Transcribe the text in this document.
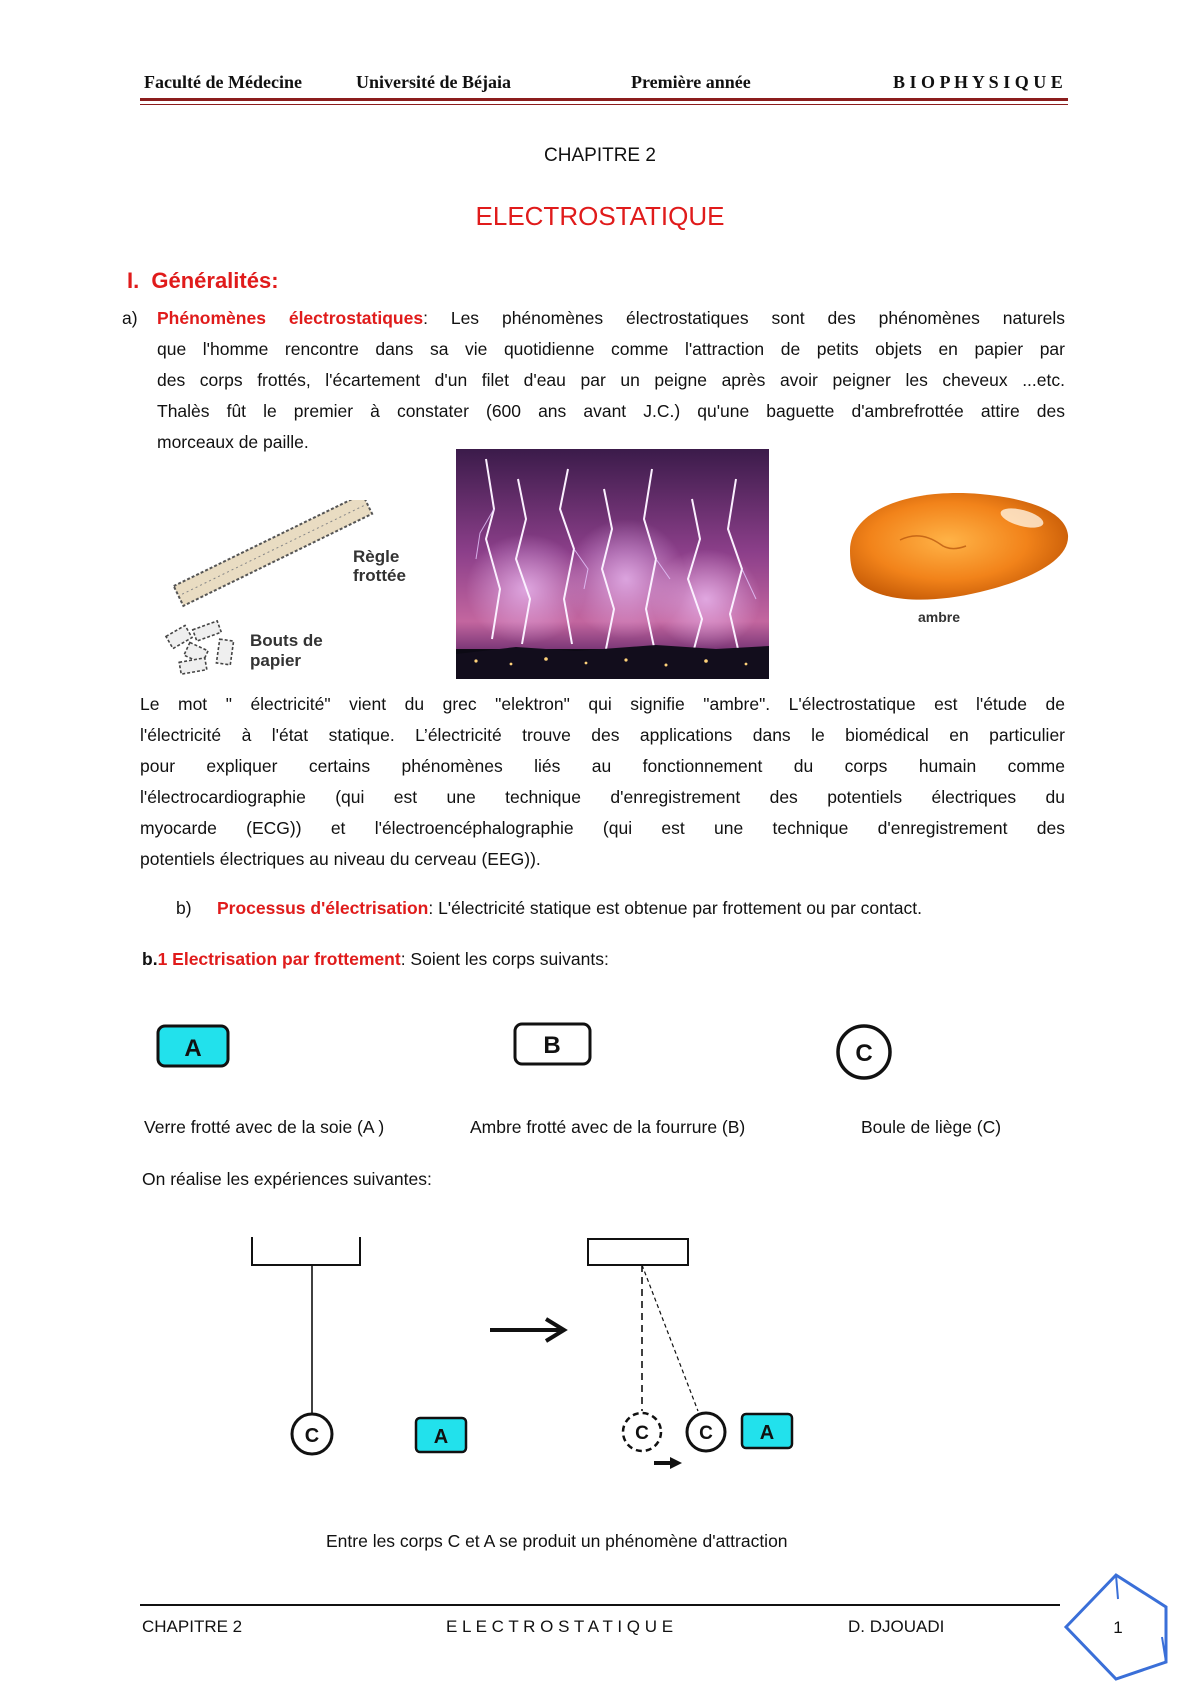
Faculté de Médecine	Université de Béjaia	Première année	B I O P H Y S I Q U E
CHAPITRE 2
ELECTROSTATIQUE
I. Généralités:
a) Phénomènes électrostatiques: Les phénomènes électrostatiques sont des phénomènes naturels
que l'homme rencontre dans sa vie quotidienne comme l'attraction de petits objets en papier par
des corps frottés, l'écartement d'un filet d'eau par un peigne après avoir peigner les cheveux ...etc.
Thalès fût le premier à constater (600 ans avant J.C.) qu'une baguette d'ambrefrottée attire des
morceaux de paille.
Règle
frottée
Bouts de
papier
ambre
Le mot " électricité" vient du grec "elektron" qui signifie "ambre". L'électrostatique est l'étude de
l'électricité à l'état statique. L’électricité trouve des applications dans le biomédical en particulier
pour expliquer certains phénomènes liés au fonctionnement du corps humain comme
l'électrocardiographie (qui est une technique d'enregistrement des potentiels électriques du
myocarde (ECG)) et l'électroencéphalographie (qui est une technique d'enregistrement des
potentiels électriques au niveau du cerveau (EEG)).
b) Processus d'électrisation: L'électricité statique est obtenue par frottement ou par contact.
b.1 Electrisation par frottement: Soient les corps suivants:
A	B	C
Verre frotté avec de la soie (A )	Ambre frotté avec de la fourrure (B)	Boule de liège (C)
On réalise les expériences suivantes:
C	A	C	C A
Entre les corps C et A se produit un phénomène d'attraction
CHAPITRE 2	E L E C T R O S T A T I Q U E	D. DJOUADI	1
